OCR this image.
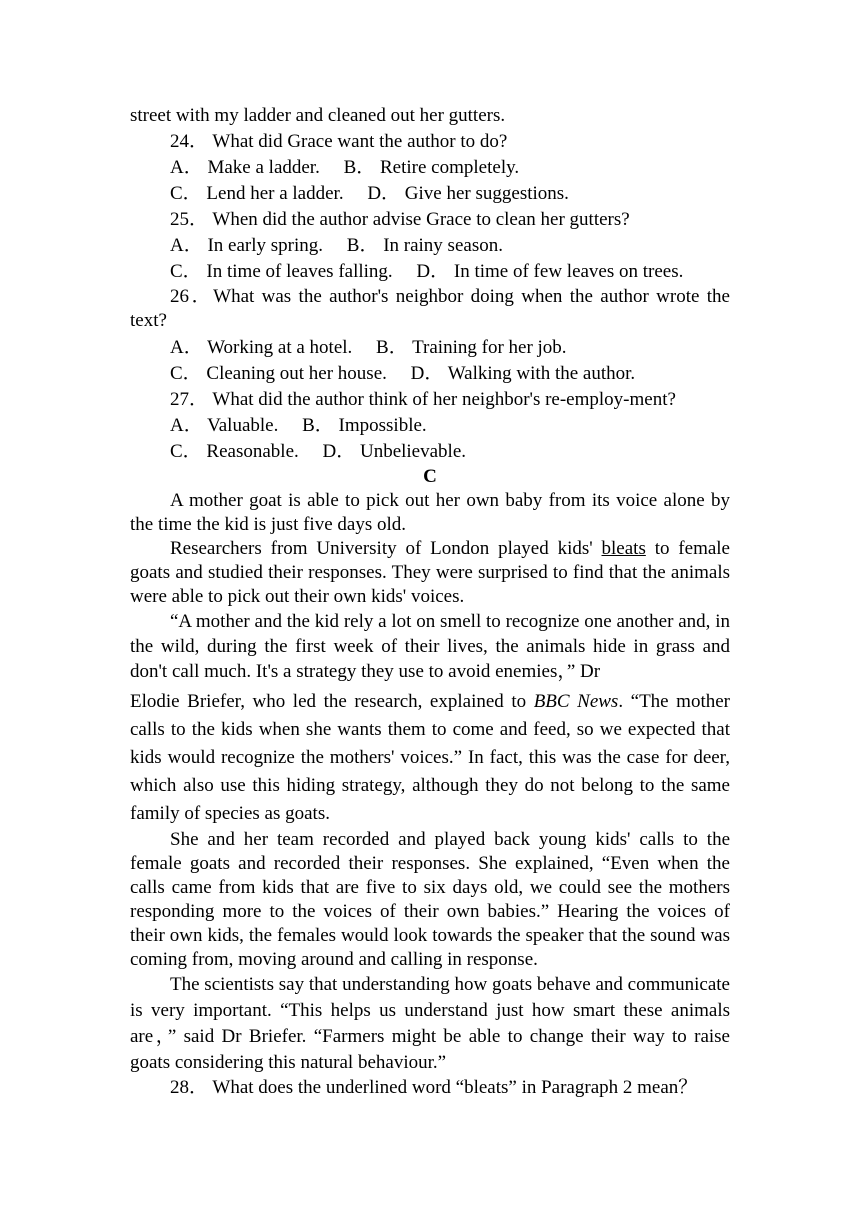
street with my ladder and cleaned out her gutters.

24． What did Grace want the author to do?

A． Make a ladder.　 B． Retire completely.

C． Lend her a ladder.　 D． Give her suggestions.

25． When did the author advise Grace to clean her gutters?

A． In early spring.　 B． In rainy season.

C． In time of leaves falling.　 D． In time of few leaves on trees.

26．What was the author's neighbor doing when the author wrote the text?

A． Working at a hotel.　 B． Training for her job.

C． Cleaning out her house.　 D． Walking with the author.

27． What did the author think of her neighbor's re-employ-ment?

A． Valuable.　 B． Impossible.

C． Reasonable.　 D． Unbelievable.

C

A mother goat is able to pick out her own baby from its voice alone by the time the kid is just five days old.

Researchers from University of London played kids' bleats to female goats and studied their responses. They were surprised to find that the animals were able to pick out their own kids' voices.

“A mother and the kid rely a lot on smell to recognize one another and, in the wild, during the first week of their lives, the animals hide in grass and don't call much. It's a strategy they use to avoid enemies，” Dr

Elodie Briefer, who led the research, explained to BBC News. “The mother calls to the kids when she wants them to come and feed, so we expected that kids would recognize the mothers' voices.” In fact, this was the case for deer, which also use this hiding strategy, although they do not belong to the same family of species as goats.

She and her team recorded and played back young kids' calls to the female goats and recorded their responses. She explained, “Even when the calls came from kids that are five to six days old, we could see the mothers responding more to the voices of their own babies.” Hearing the voices of their own kids, the females would look towards the speaker that the sound was coming from, moving around and calling in response.

The scientists say that understanding how goats behave and communicate is very important. “This helps us understand just how smart these animals are，” said Dr Briefer. “Farmers might be able to change their way to raise goats considering this natural behaviour.”

28． What does the underlined word “bleats” in Paragraph 2 mean？
